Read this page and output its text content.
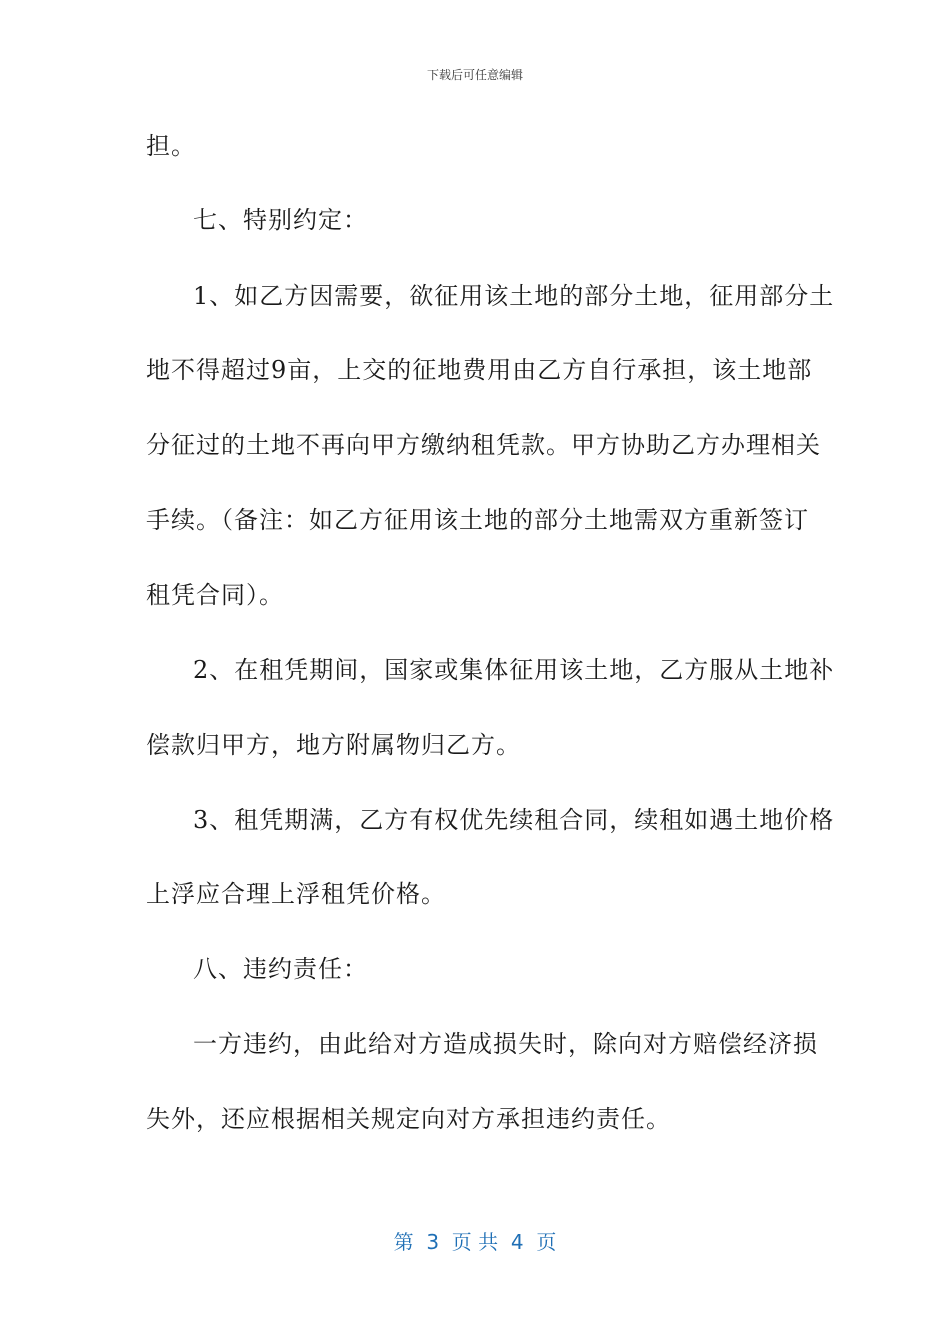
下载后可任意编辑
担。
七、特别约定：
1、如乙方因需要，欲征用该土地的部分土地，征用部分土
地不得超过9亩，上交的征地费用由乙方自行承担，该土地部
分征过的土地不再向甲方缴纳租凭款。甲方协助乙方办理相关
手续。（备注：如乙方征用该土地的部分土地需双方重新签订
租凭合同）。
2、在租凭期间，国家或集体征用该土地，乙方服从土地补
偿款归甲方，地方附属物归乙方。
3、租凭期满，乙方有权优先续租合同，续租如遇土地价格
上浮应合理上浮租凭价格。
八、违约责任：
一方违约，由此给对方造成损失时，除向对方赔偿经济损
失外，还应根据相关规定向对方承担违约责任。
第  3  页 共  4  页
